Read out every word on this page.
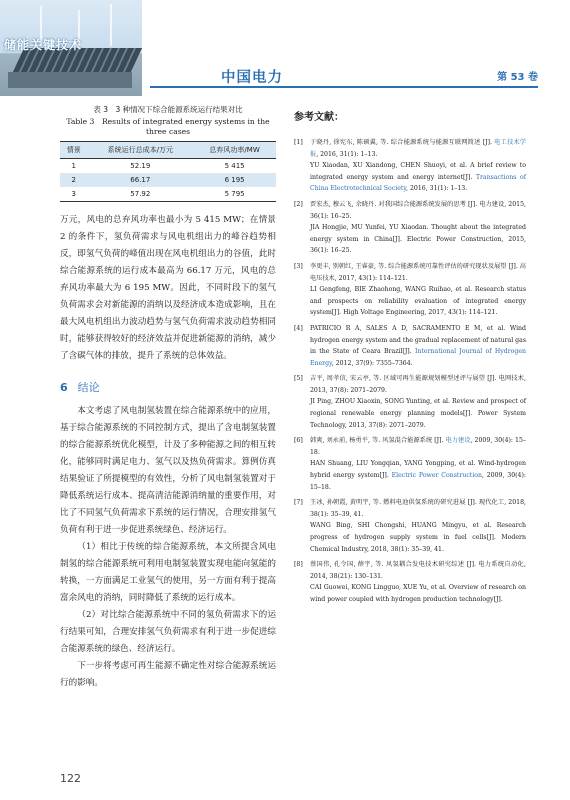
储能关键技术
中国电力	第 53 卷
表 3　3 种情况下综合能源系统运行结果对比
Table 3　Results of integrated energy systems in the three cases
情景	系统运行总成本/万元	总弃风功率/MW
1	52.19	5 415
2	66.17	6 195
3	57.92	5 795

万元，风电的总弃风功率也最小为 5 415 MW；在情景 2 的条件下，氢负荷需求与风电机组出力的峰谷趋势相反，即氢气负荷的峰值出现在风电机组出力的谷值，此时综合能源系统的运行成本最高为 66.17 万元，风电的总弃风功率最大为 6 195 MW。因此，不同时段下的氢气负荷需求会对新能源的消纳以及经济成本造成影响，且在最大风电机组出力波动趋势与氢气负荷需求波动趋势相同时，能够获得较好的经济效益并促进新能源的消纳，减少了含碳气体的排放，提升了系统的总体效益。

6 结论

本文考虑了风电制氢装置在综合能源系统中的应用，基于综合能源系统的不同控制方式，提出了含电制氢装置的综合能源系统优化模型，计及了多种能源之间的相互转化，能够同时满足电力、氢气以及热负荷需求。算例仿真结果验证了所提模型的有效性，分析了风电制氢装置对于降低系统运行成本、提高清洁能源消纳量的重要作用，对比了不同氢气负荷需求下系统的运行情况，合理安排氢气负荷有利于进一步促进系统绿色、经济运行。

（1）相比于传统的综合能源系统，本文所提含风电制氢的综合能源系统可利用电制氢装置实现电能向氢能的转换，一方面满足工业氢气的使用，另一方面有利于提高富余风电的消纳，同时降低了系统的运行成本。

（2）对比综合能源系统中不同的氢负荷需求下的运行结果可知，合理安排氢气负荷需求有利于进一步促进综合能源系统的绿色、经济运行。

下一步将考虑可再生能源不确定性对综合能源系统运行的影响。

参考文献：
[1]	于晓丹, 徐宪东, 陈硕翼, 等. 综合能源系统与能源互联网简述 [J]. 电工技术学报, 2016, 31(1): 1–13.
YU Xiaodan, XU Xiandong, CHEN Shuoyi, et al. A brief review to integrated energy system and energy internet[J]. Transactions of China Electrotechnical Society, 2016, 31(1): 1–13.
[2]	贾宏杰, 穆云飞, 余晓丹. 对我国综合能源系统发展的思考 [J]. 电力建设, 2015, 36(1): 16–25.
JIA Hongjie, MU Yunfei, YU Xiaodan. Thought about the integrated energy system in China[J]. Electric Power Construction, 2015, 36(1): 16–25.
[3]	李更丰, 别朝红, 王睿豪, 等. 综合能源系统可靠性评估的研究现状及展望 [J]. 高电压技术, 2017, 43(1): 114–121.
LI Gengfeng, BIE Zhaohong, WANG Ruihao, et al. Research status and prospects on reliability evaluation of integrated energy system[J]. High Voltage Engineering, 2017, 43(1): 114–121.
[4]	PATRICIO R A, SALES A D, SACRAMENTO E M, et al. Wind hydrogen energy system and the gradual replacement of natural gas in the State of Ceara Brazil[J]. International Journal of Hydrogen Energy, 2012, 37(9): 7355–7364.
[5]	吉平, 周孝信, 宋云亭, 等. 区域可再生能源规划模型述评与展望 [J]. 电网技术, 2013, 37(8): 2071–2079.
JI Ping, ZHOU Xiaoxin, SONG Yunting, et al. Review and prospect of regional renewable energy planning models[J]. Power System Technology, 2013, 37(8): 2071–2079.
[6]	韩爽, 刘永前, 杨勇平, 等. 风氢混合能源系统 [J]. 电力建设, 2009, 30(4): 15–18.
HAN Shuang, LIU Yongqian, YANG Yongping, et al. Wind-hydrogen hybrid energy system[J]. Electric Power Construction, 2009, 30(4): 15–18.
[7]	王冰, 孙朝霞, 黄明宇, 等. 燃料电池供氢系统的研究进展 [J]. 现代化工, 2018, 38(1): 35–39, 41.
WANG Bing, SHI Chongshi, HUANG Mingyu, et al. Research progress of hydrogen supply system in fuel cells[J]. Modern Chemical Industry, 2018, 38(1): 35–39, 41.
[8]	蔡国伟, 孔令国, 薛宇, 等. 风氢耦合发电技术研究综述 [J]. 电力系统自动化, 2014, 38(21): 130–131.
CAI Guowei, KONG Lingguo, XUE Yu, et al. Overview of research on wind power coupled with hydrogen production technology[J].
122
